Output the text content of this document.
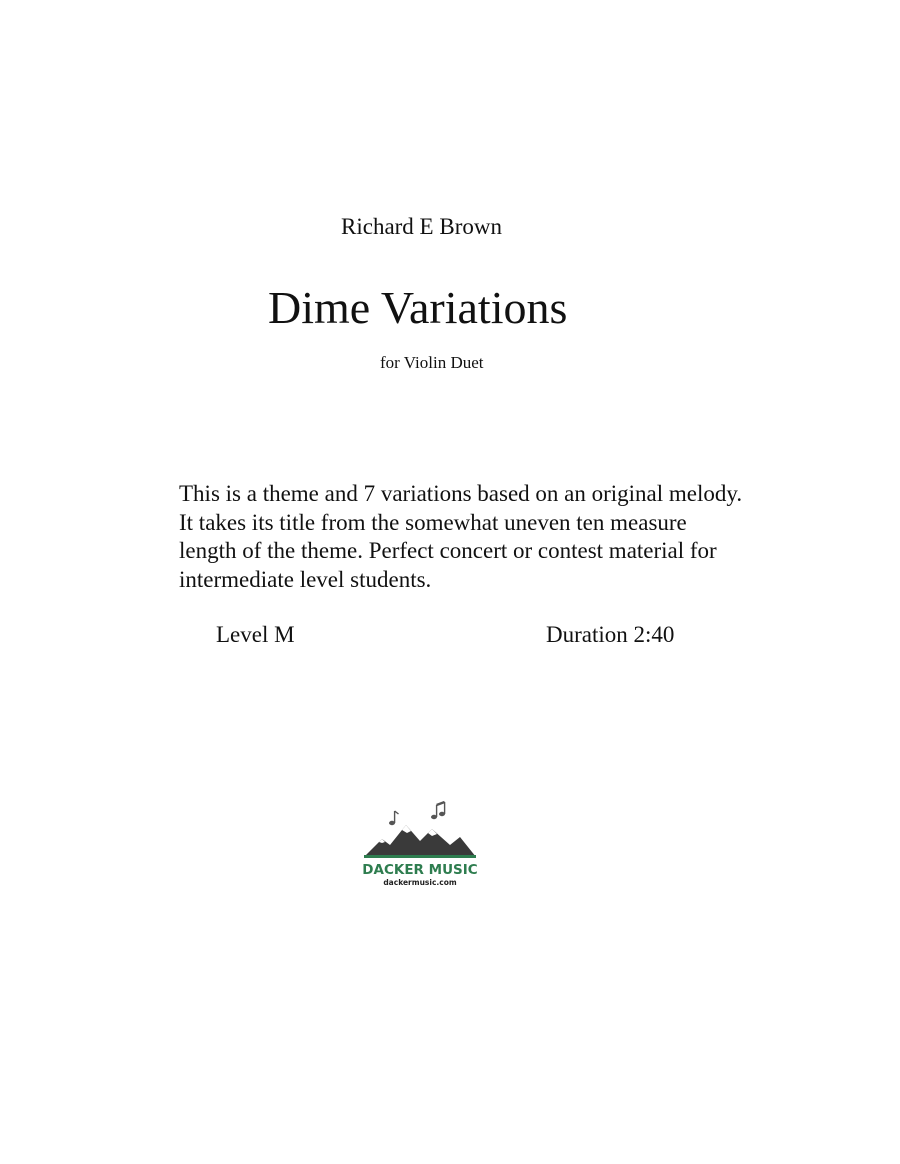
Richard E Brown
Dime Variations
for Violin Duet
This is a theme and 7 variations based on an original melody. It takes its title from the somewhat uneven ten measure length of the theme. Perfect concert or contest material for intermediate level students.
Level M	Duration 2:40
DACKER MUSIC
dackermusic.com
